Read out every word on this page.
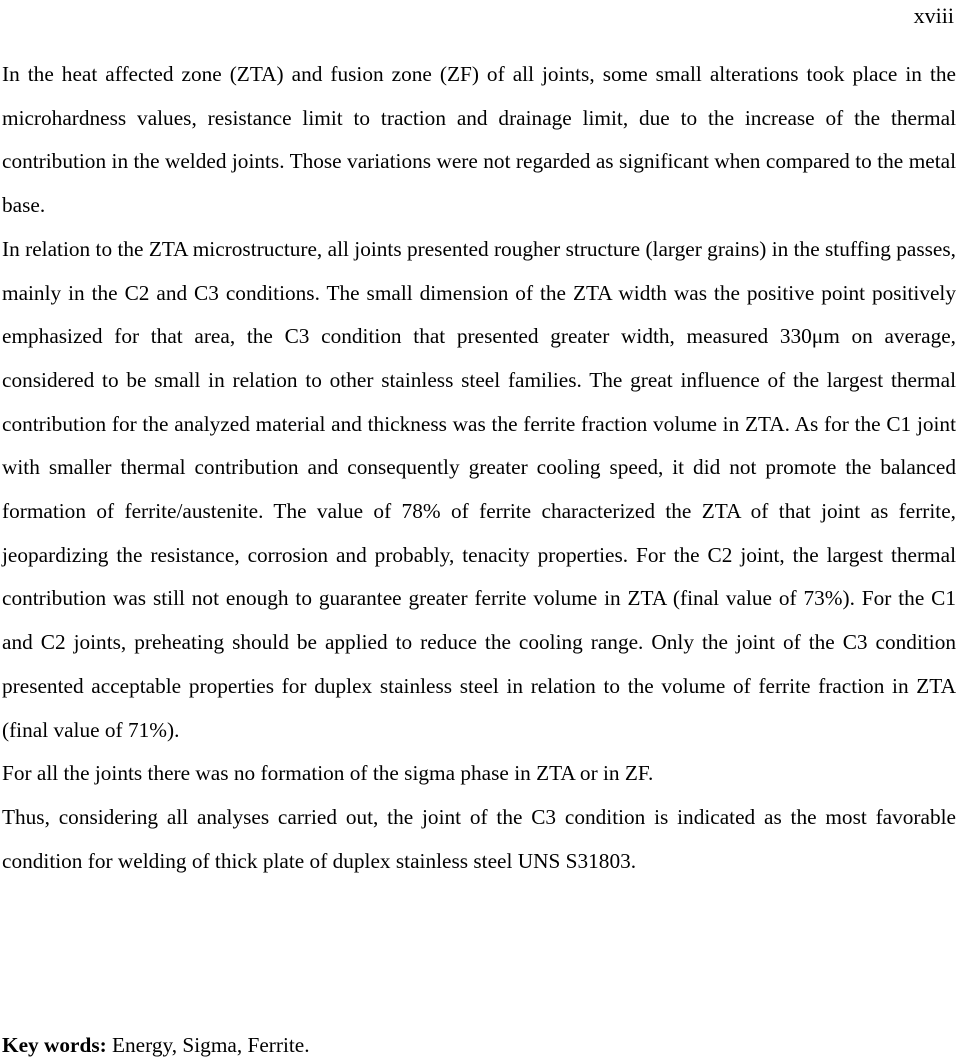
xviii

In the heat affected zone (ZTA) and fusion zone (ZF) of all joints, some small alterations took place in the microhardness values, resistance limit to traction and drainage limit, due to the increase of the thermal contribution in the welded joints. Those variations were not regarded as significant when compared to the metal base.

In relation to the ZTA microstructure, all joints presented rougher structure (larger grains) in the stuffing passes, mainly in the C2 and C3 conditions. The small dimension of the ZTA width was the positive point positively emphasized for that area, the C3 condition that presented greater width, measured 330μm on average, considered to be small in relation to other stainless steel families. The great influence of the largest thermal contribution for the analyzed material and thickness was the ferrite fraction volume in ZTA. As for the C1 joint with smaller thermal contribution and consequently greater cooling speed, it did not promote the balanced formation of ferrite/austenite. The value of 78% of ferrite characterized the ZTA of that joint as ferrite, jeopardizing the resistance, corrosion and probably, tenacity properties. For the C2 joint, the largest thermal contribution was still not enough to guarantee greater ferrite volume in ZTA (final value of 73%). For the C1 and C2 joints, preheating should be applied to reduce the cooling range. Only the joint of the C3 condition presented acceptable properties for duplex stainless steel in relation to the volume of ferrite fraction in ZTA (final value of 71%).

For all the joints there was no formation of the sigma phase in ZTA or in ZF.

Thus, considering all analyses carried out, the joint of the C3 condition is indicated as the most favorable condition for welding of thick plate of duplex stainless steel UNS S31803.

Key words: Energy, Sigma, Ferrite.
